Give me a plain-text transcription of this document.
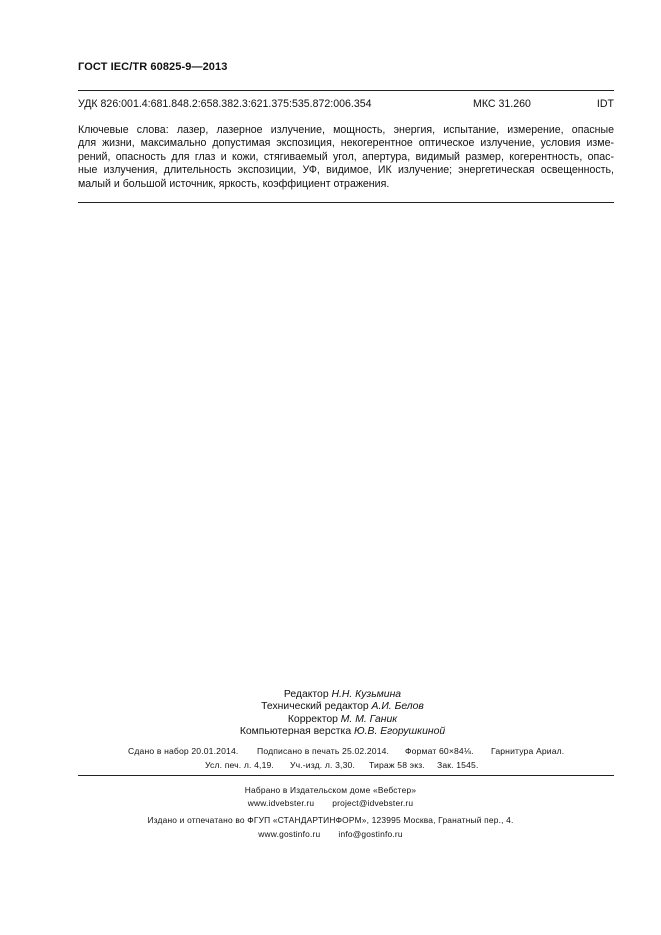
ГОСТ IEC/TR 60825-9—2013
УДК 826:001.4:681.848.2:658.382.3:621.375:535.872:006.354	МКС 31.260	IDT
Ключевые слова: лазер, лазерное излучение, мощность, энергия, испытание, измерение, опасные
для жизни, максимально допустимая экспозиция, некогерентное оптическое излучение, условия изме-
рений, опасность для глаз и кожи, стягиваемый угол, апертура, видимый размер, когерентность, опас-
ные излучения, длительность экспозиции, УФ, видимое, ИК излучение; энергетическая освещенность,
малый и большой источник, яркость, коэффициент отражения.
Редактор Н.Н. Кузьмина
Технический редактор А.И. Белов
Корректор М. М. Ганик
Компьютерная верстка Ю.В. Егорушкиной
Сдано в набор 20.01.2014. Подписано в печать 25.02.2014. Формат 60×84⅛. Гарнитура Ариал.
Усл. печ. л. 4,19. Уч.-изд. л. 3,30. Тираж 58 экз. Зак. 1545.
Набрано в Издательском доме «Вебстер»
www.idvebster.ru project@idvebster.ru
Издано и отпечатано во ФГУП «СТАНДАРТИНФОРМ», 123995 Москва, Гранатный пер., 4.
www.gostinfo.ru info@gostinfo.ru
